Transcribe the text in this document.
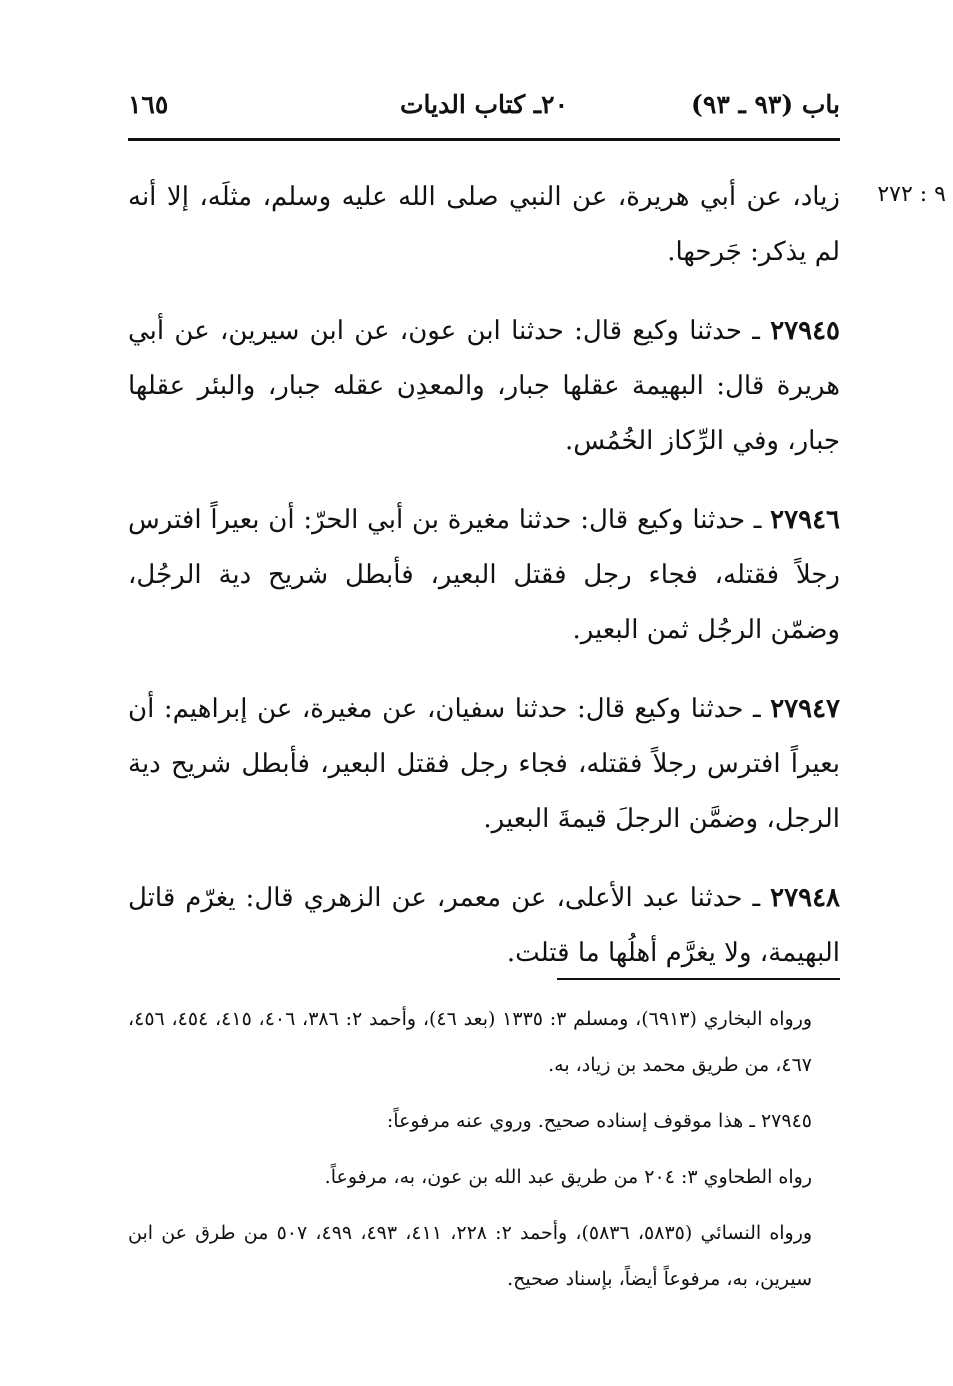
باب (٩٣ ـ ٩٣)
٢٠ـ كتاب الديات
١٦٥
٩ : ٢٧٢

زياد، عن أبي هريرة، عن النبي صلى الله عليه وسلم، مثلَه، إلا أنه لم يذكر: جَرحها.

٢٧٩٤٥ ـ حدثنا وكيع قال: حدثنا ابن عون، عن ابن سيرين، عن أبي هريرة قال: البهيمة عقلها جبار، والمعدِن عقله جبار، والبئر عقلها جبار، وفي الرِّكاز الخُمُس.

٢٧٩٤٦ ـ حدثنا وكيع قال: حدثنا مغيرة بن أبي الحرّ: أن بعيراً افترس رجلاً فقتله، فجاء رجل فقتل البعير، فأبطل شريح دية الرجُل، وضمّن الرجُل ثمن البعير.

٢٧٩٤٧ ـ حدثنا وكيع قال: حدثنا سفيان، عن مغيرة، عن إبراهيم: أن بعيراً افترس رجلاً فقتله، فجاء رجل فقتل البعير، فأبطل شريح دية الرجل، وضمَّن الرجلَ قيمةَ البعير.

٢٧٩٤٨ ـ حدثنا عبد الأعلى، عن معمر، عن الزهري قال: يغرّم قاتل البهيمة، ولا يغرَّم أهلُها ما قتلت.

ورواه البخاري (٦٩١٣)، ومسلم ٣: ١٣٣٥ (بعد ٤٦)، وأحمد ٢: ٣٨٦، ٤٠٦، ٤١٥، ٤٥٤، ٤٥٦، ٤٦٧، من طريق محمد بن زياد، به.

٢٧٩٤٥ ـ هذا موقوف إسناده صحيح. وروي عنه مرفوعاً:

رواه الطحاوي ٣: ٢٠٤ من طريق عبد الله بن عون، به، مرفوعاً.

ورواه النسائي (٥٨٣٥، ٥٨٣٦)، وأحمد ٢: ٢٢٨، ٤١١، ٤٩٣، ٤٩٩، ٥٠٧ من طرق عن ابن سيرين، به، مرفوعاً أيضاً، بإسناد صحيح.
